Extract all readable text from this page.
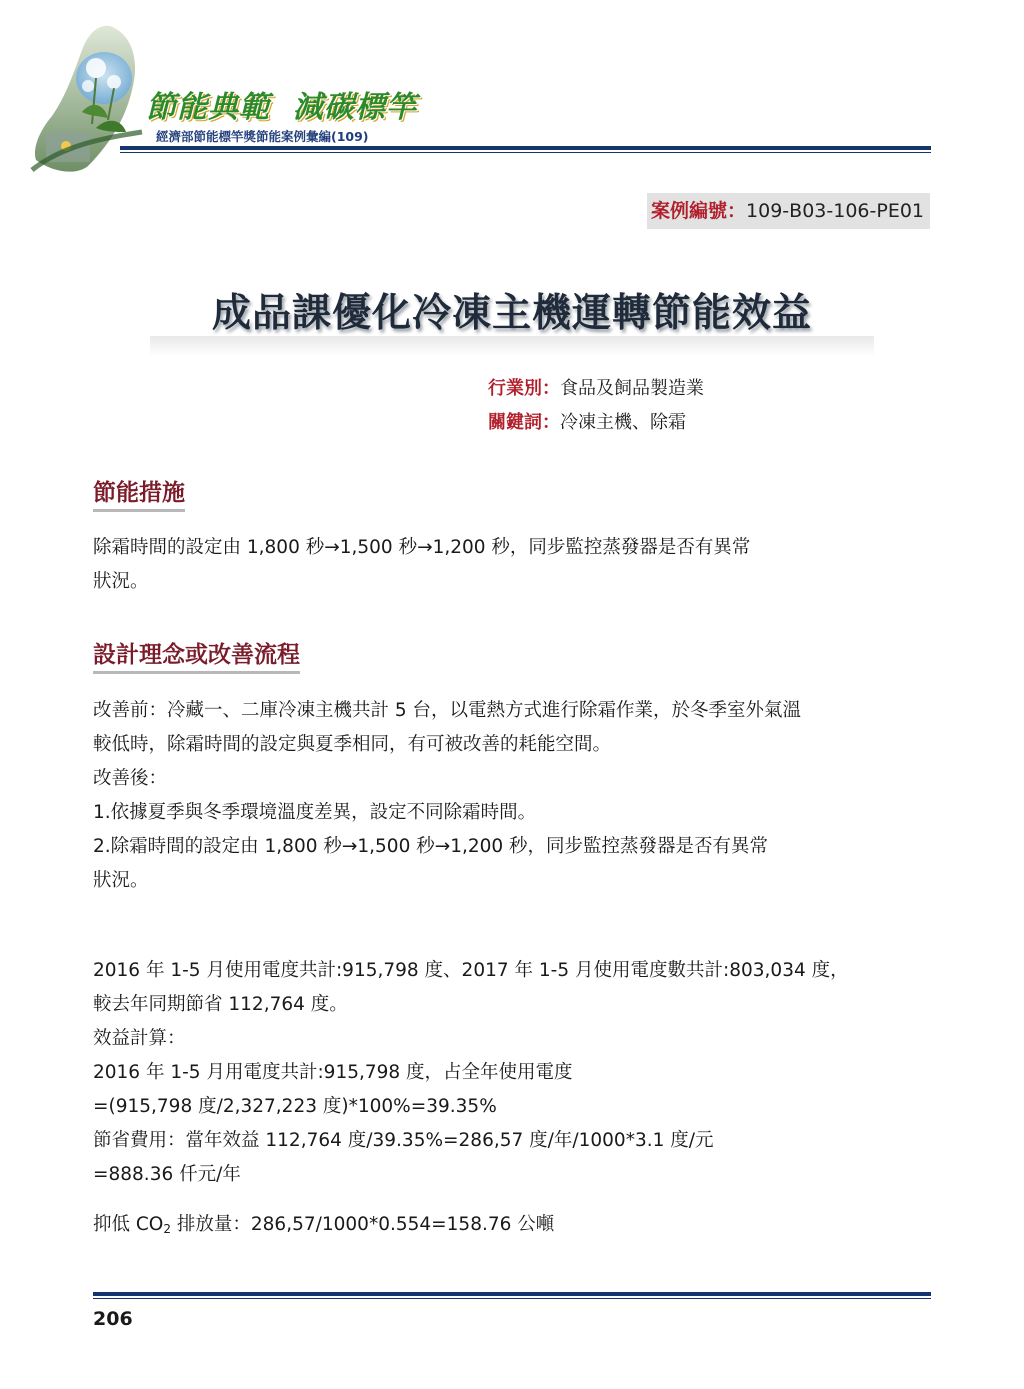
節能典範  減碳標竿
經濟部節能標竿獎節能案例彙編(109)
案例編號：109-B03-106-PE01
成品課優化冷凍主機運轉節能效益
行業別：食品及飼品製造業
關鍵詞：冷凍主機、除霜
節能措施

除霜時間的設定由 1,800 秒→1,500 秒→1,200 秒，同步監控蒸發器是否有異常
狀況。

設計理念或改善流程

改善前：冷藏一、二庫冷凍主機共計 5 台，以電熱方式進行除霜作業，於冬季室外氣溫
較低時，除霜時間的設定與夏季相同，有可被改善的耗能空間。
改善後：
1.依據夏季與冬季環境溫度差異，設定不同除霜時間。
2.除霜時間的設定由 1,800 秒→1,500 秒→1,200 秒，同步監控蒸發器是否有異常
狀況。

2016 年 1-5 月使用電度共計:915,798 度、2017 年 1-5 月使用電度數共計:803,034 度，
較去年同期節省 112,764 度。
效益計算：
2016 年 1-5 月用電度共計:915,798 度，占全年使用電度
=(915,798 度/2,327,223 度)*100%=39.35%
節省費用：當年效益 112,764 度/39.35%=286,57 度/年/1000*3.1 度/元
=888.36 仟元/年

抑低 $CO_2$ 排放量：286,57/1000*0.554=158.76 公噸

206
